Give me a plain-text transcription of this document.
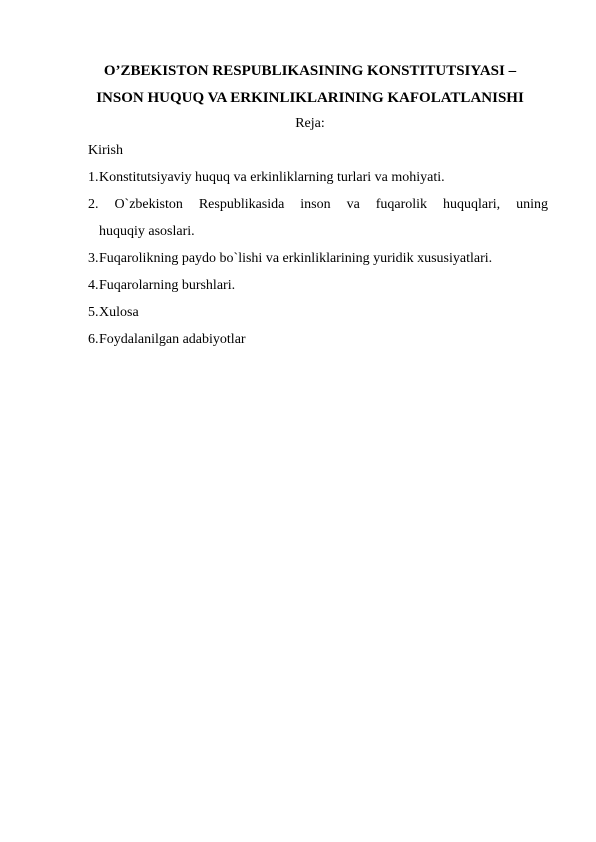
O’ZBEKISTON RESPUBLIKASINING KONSTITUTSIYASI –
INSON HUQUQ VA ERKINLIKLARINING KAFOLATLANISHI
Reja:
Kirish
1. Konstitutsiyaviy huquq va erkinliklarning turlari va mohiyati.
2. O`zbekiston Respublikasida inson va fuqarolik huquqlari, uning
huquqiy asoslari.
3. Fuqarolikning paydo bo`lishi va erkinliklarining yuridik xususiyatlari.
4. Fuqarolarning burshlari.
5. Xulosa
6. Foydalanilgan adabiyotlar
